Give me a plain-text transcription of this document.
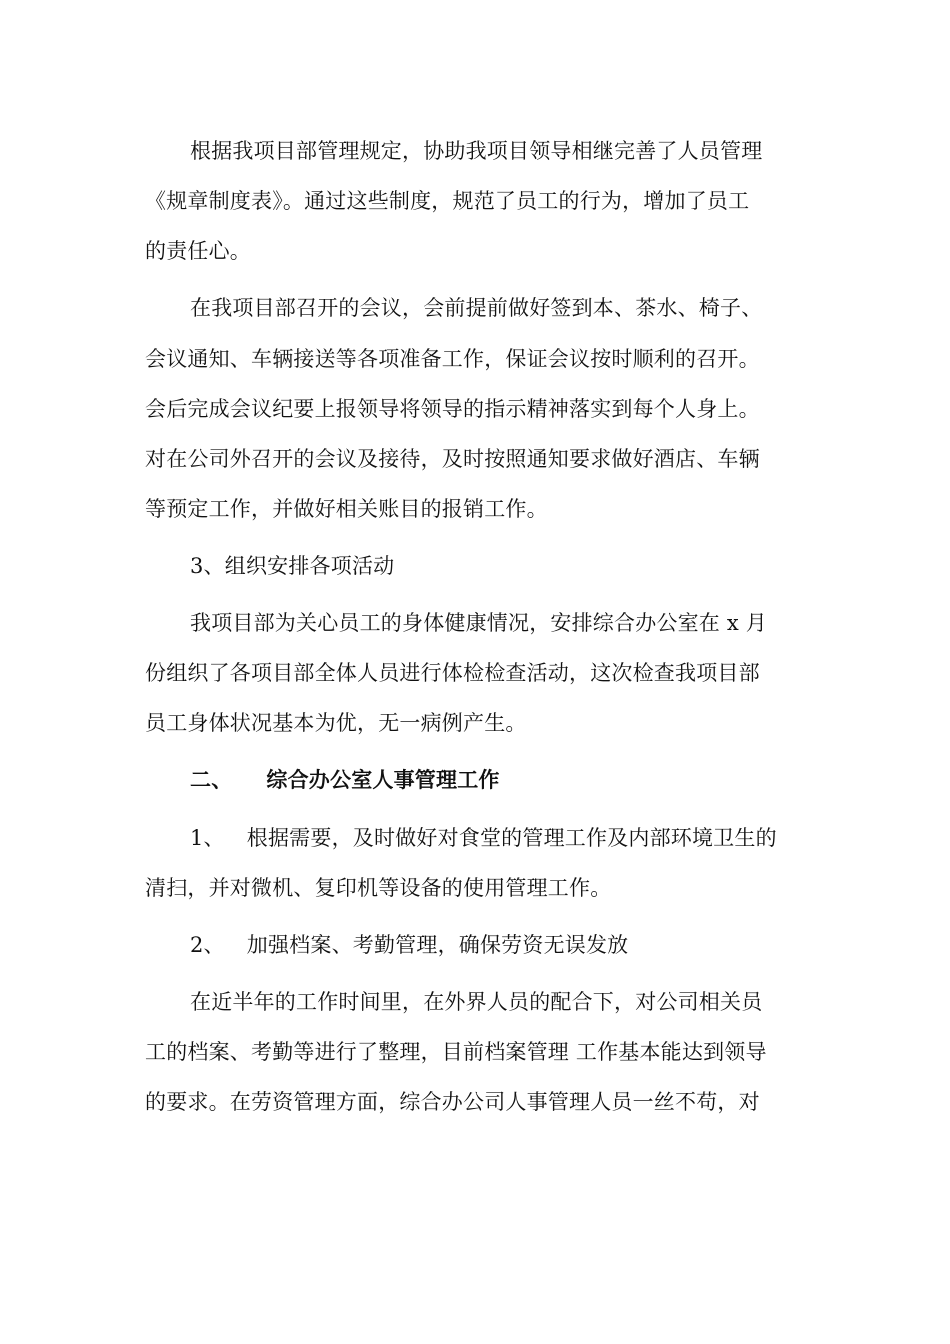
根据我项目部管理规定，协助我项目领导相继完善了人员管理
《规章制度表》。通过这些制度，规范了员工的行为，增加了员工
的责任心。
在我项目部召开的会议，会前提前做好签到本、茶水、椅子、
会议通知、车辆接送等各项准备工作，保证会议按时顺利的召开。
会后完成会议纪要上报领导将领导的指示精神落实到每个人身上。
对在公司外召开的会议及接待，及时按照通知要求做好酒店、车辆
等预定工作，并做好相关账目的报销工作。
3、组织安排各项活动
我项目部为关心员工的身体健康情况，安排综合办公室在 x 月
份组织了各项目部全体人员进行体检检查活动，这次检查我项目部
员工身体状况基本为优，无一病例产生。
二、 综合办公室人事管理工作
1、 根据需要，及时做好对食堂的管理工作及内部环境卫生的
清扫，并对微机、复印机等设备的使用管理工作。
2、 加强档案、考勤管理，确保劳资无误发放
在近半年的工作时间里，在外界人员的配合下，对公司相关员
工的档案、考勤等进行了整理，目前档案管理 工作基本能达到领导
的要求。在劳资管理方面，综合办公司人事管理人员一丝不苟，对
